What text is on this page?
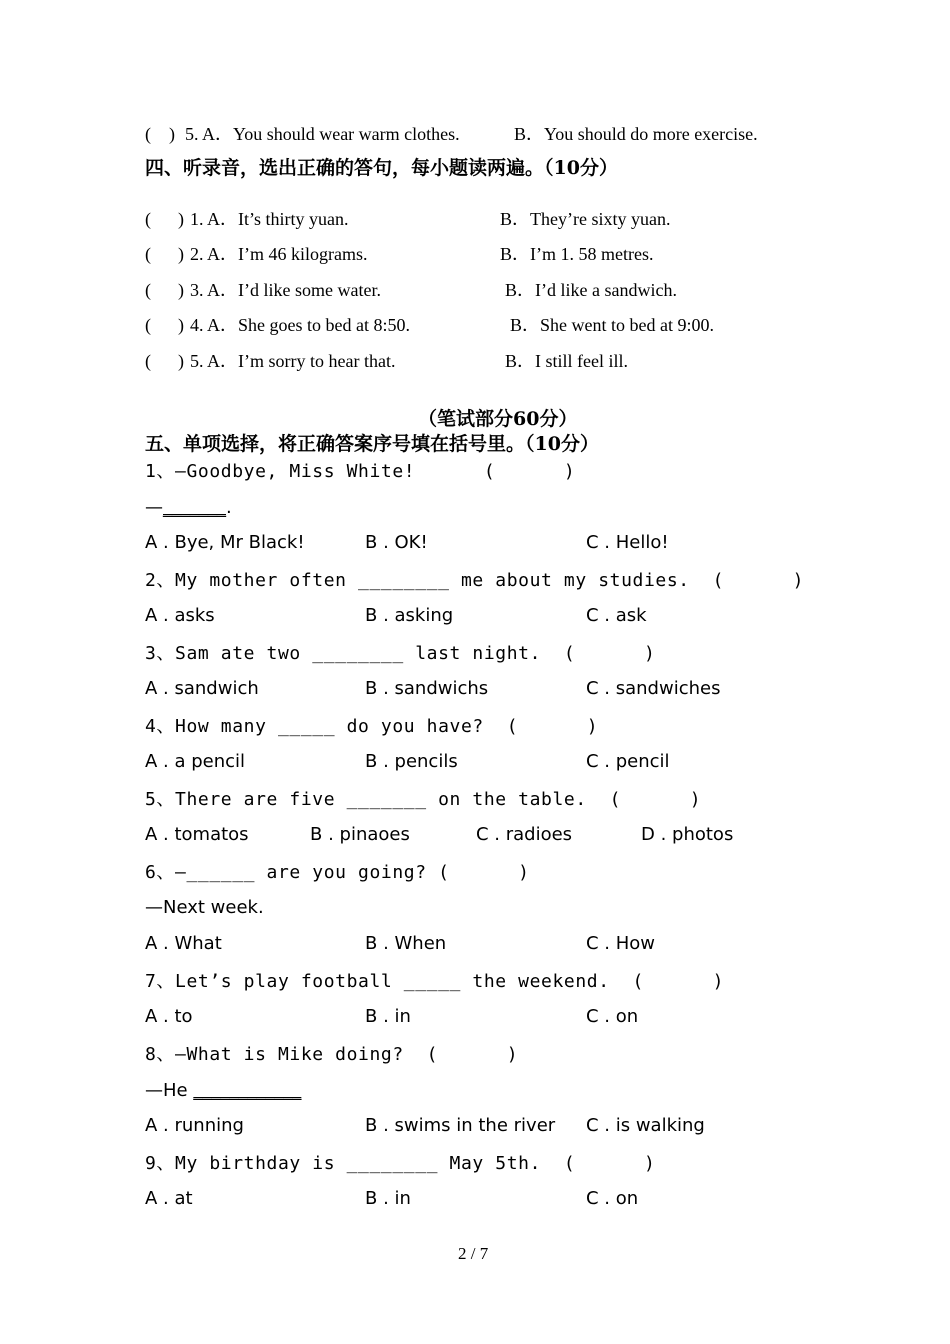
(    ) 5. A．You should wear warm clothes.	B．You should do more exercise.
四、听录音，选出正确的答句，每小题读两遍。（10分）
(      ) 1. A．It’s thirty yuan.	B．They’re sixty yuan.
(      ) 2. A．I’m 46 kilograms.	B．I’m 1. 58 metres.
(      ) 3. A．I’d like some water.	B．I’d like a sandwich.
(      ) 4. A．She goes to bed at 8:50.	B．She went to bed at 9:00.
(      ) 5. A．I’m sorry to hear that.	B．I still feel ill.
（笔试部分60分）
五、单项选择，将正确答案序号填在括号里。（10分）
1、—Goodbye, Miss White!      (      )
—_______.
A . Bye, Mr Black!	B . OK!	C . Hello!
2、My mother often ________ me about my studies.  (      )
A . asks	B . asking	C . ask
3、Sam ate two ________ last night.  (      )
A . sandwich	B . sandwichs	C . sandwiches
4、How many _____ do you have?  (      )
A . a pencil	B . pencils	C . pencil
5、There are five _______ on the table.  (      )
A . tomatos	B . pinaoes	C . radioes	D . photos
6、—______ are you going? (      )
—Next week.
A . What	B . When	C . How
7、Let’s play football _____ the weekend.  (      )
A . to	B . in	C . on
8、—What is Mike doing?  (      )
—He ____________
A . running	B . swims in the river C . is walking
9、My birthday is ________ May 5th.  (      )
A . at	B . in	C . on
2 / 7
